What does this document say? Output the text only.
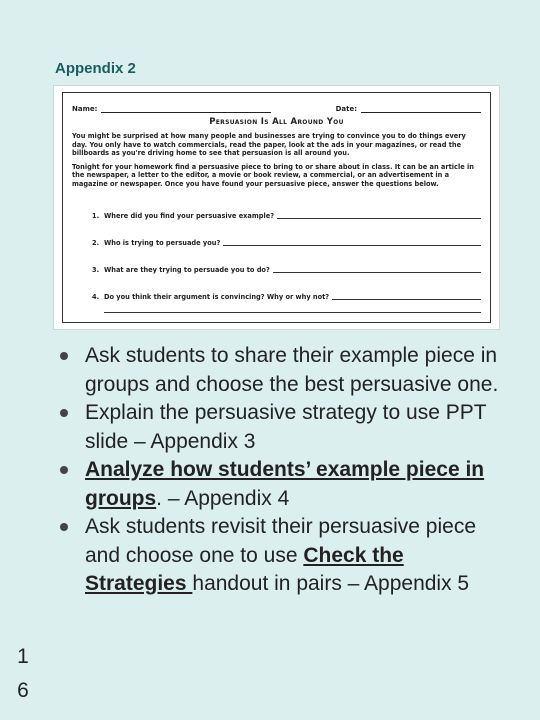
Appendix 2
Name:	Date:
Persuasion Is All Around You
You might be surprised at how many people and businesses are trying to convince you to do things every day. You only have to watch commercials, read the paper, look at the ads in your magazines, or read the billboards as you're driving home to see that persuasion is all around you.
Tonight for your homework find a persuasive piece to bring to or share about in class. It can be an article in the newspaper, a letter to the editor, a movie or book review, a commercial, or an advertisement in a magazine or newspaper. Once you have found your persuasive piece, answer the questions below.
1. Where did you find your persuasive example?
2. Who is trying to persuade you?
3. What are they trying to persuade you to do?
4. Do you think their argument is convincing? Why or why not?
Ask students to share their example piece in groups and choose the best persuasive one.
Explain the persuasive strategy to use PPT slide – Appendix 3
Analyze how students’ example piece in groups. – Appendix 4
Ask students revisit their persuasive piece and choose one to use Check the Strategies handout in pairs – Appendix 5
1
6
